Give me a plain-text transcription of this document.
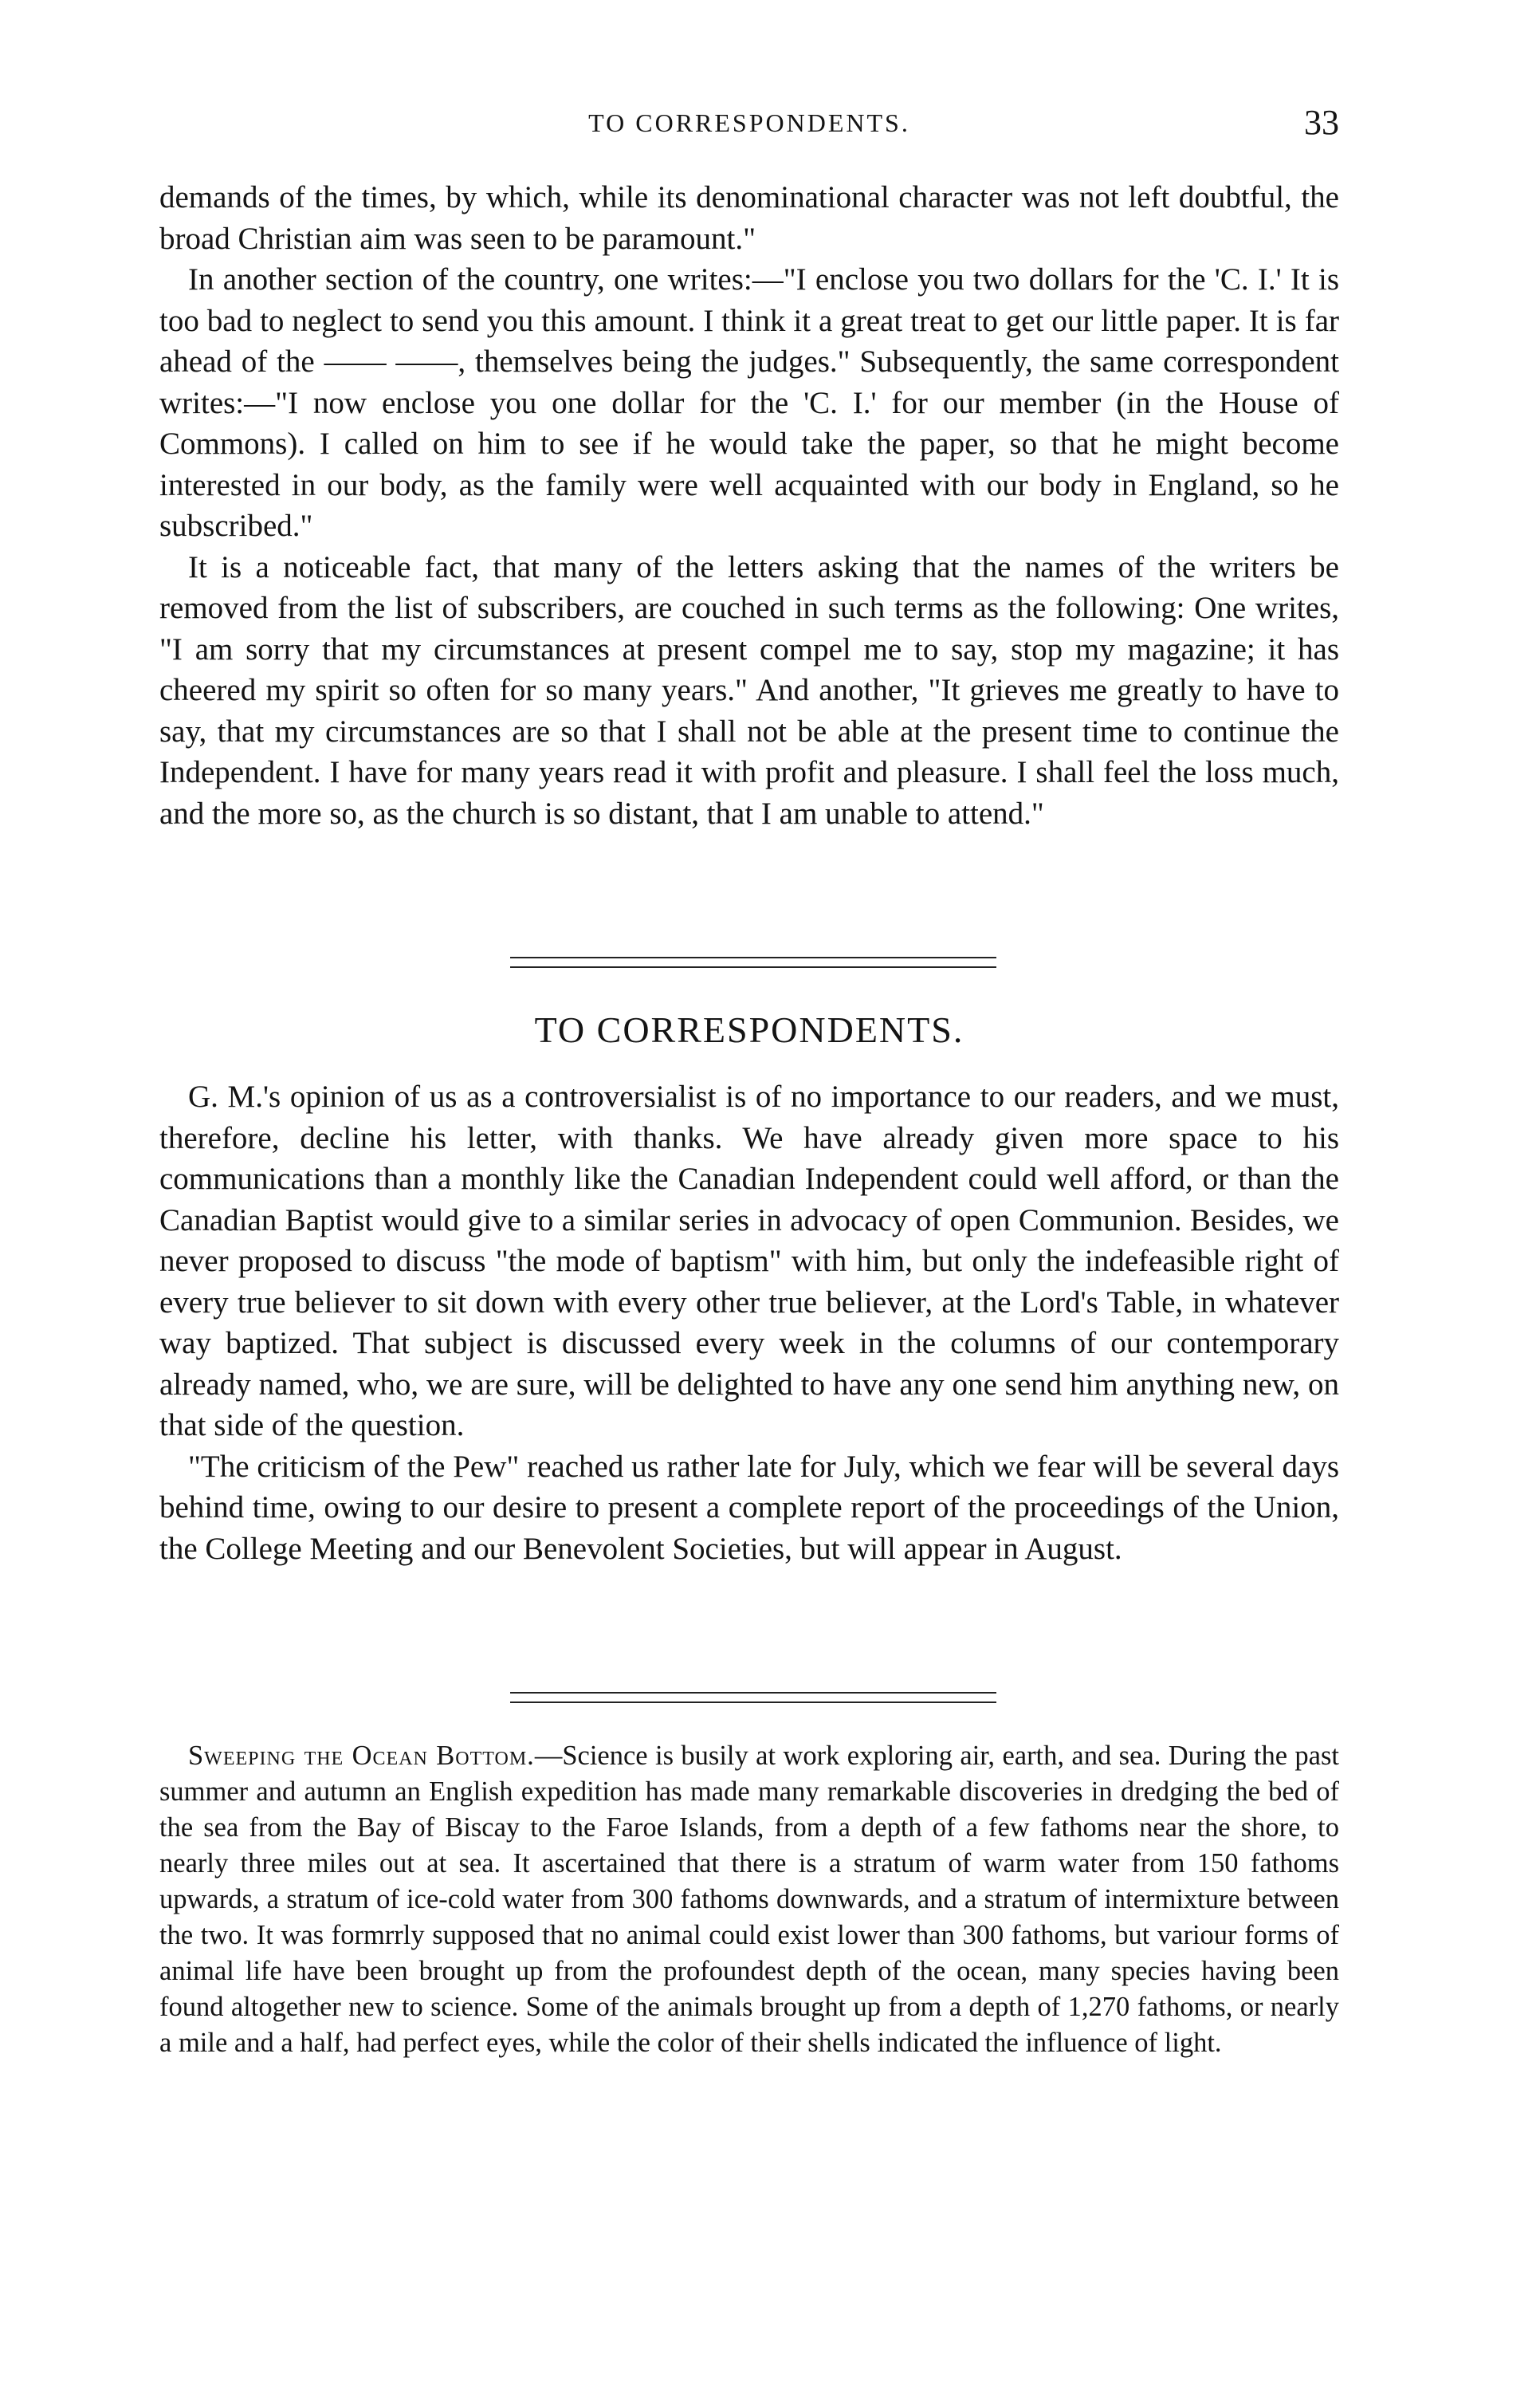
TO CORRESPONDENTS.	33

demands of the times, by which, while its denominational character was not left doubtful, the broad Christian aim was seen to be paramount."

In another section of the country, one writes:—"I enclose you two dollars for the 'C. I.' It is too bad to neglect to send you this amount. I think it a great treat to get our little paper. It is far ahead of the —— ——, themselves being the judges." Subsequently, the same correspondent writes:—"I now enclose you one dollar for the 'C. I.' for our member (in the House of Commons). I called on him to see if he would take the paper, so that he might become interested in our body, as the family were well acquainted with our body in England, so he subscribed."

It is a noticeable fact, that many of the letters asking that the names of the writers be removed from the list of subscribers, are couched in such terms as the following: One writes, "I am sorry that my circumstances at present compel me to say, stop my magazine; it has cheered my spirit so often for so many years." And another, "It grieves me greatly to have to say, that my circumstances are so that I shall not be able at the present time to continue the Independent. I have for many years read it with profit and pleasure. I shall feel the loss much, and the more so, as the church is so distant, that I am unable to attend."

TO CORRESPONDENTS.

G. M.'s opinion of us as a controversialist is of no importance to our readers, and we must, therefore, decline his letter, with thanks. We have already given more space to his communications than a monthly like the Canadian Independent could well afford, or than the Canadian Baptist would give to a similar series in advocacy of open Communion. Besides, we never proposed to discuss "the mode of baptism" with him, but only the indefeasible right of every true believer to sit down with every other true believer, at the Lord's Table, in whatever way baptized. That subject is discussed every week in the columns of our contemporary already named, who, we are sure, will be delighted to have any one send him anything new, on that side of the question.

"The criticism of the Pew" reached us rather late for July, which we fear will be several days behind time, owing to our desire to present a complete report of the proceedings of the Union, the College Meeting and our Benevolent Societies, but will appear in August.

Sweeping the Ocean Bottom.—Science is busily at work exploring air, earth, and sea. During the past summer and autumn an English expedition has made many remarkable discoveries in dredging the bed of the sea from the Bay of Biscay to the Faroe Islands, from a depth of a few fathoms near the shore, to nearly three miles out at sea. It ascertained that there is a stratum of warm water from 150 fathoms upwards, a stratum of ice-cold water from 300 fathoms downwards, and a stratum of intermixture between the two. It was formrrly supposed that no animal could exist lower than 300 fathoms, but variour forms of animal life have been brought up from the profoundest depth of the ocean, many species having been found altogether new to science. Some of the animals brought up from a depth of 1,270 fathoms, or nearly a mile and a half, had perfect eyes, while the color of their shells indicated the influence of light.
